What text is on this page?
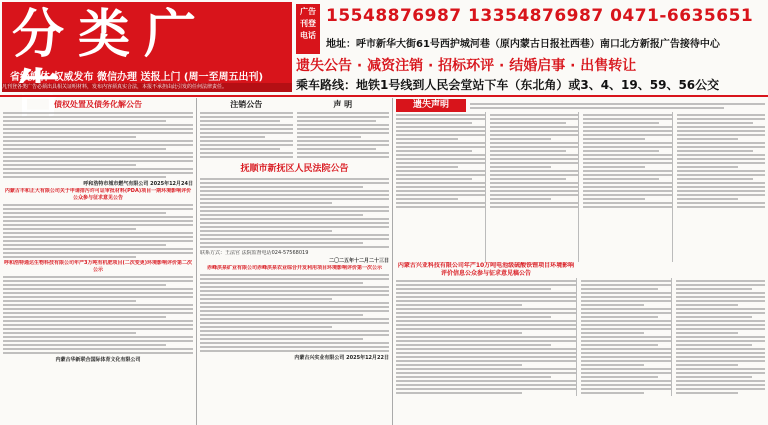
分类广
省级媒体 权威发布 微信办理 送报上门 (周一至周五出刊)
凡刊登各类广告必须出具相关证明材料，发布内容须真实合法，本报不承担由此引发的任何法律责任。
广告
刊登
电话
15548876987 13354876987 0471-6635651
地址：呼市新华大街61号西护城河巷（原内蒙古日报社西巷）南口北方新报广告接待中心
遗失公告 · 减资注销 · 招标环评 · 结婚启事 · 出售转让
乘车路线：地铁1号线到人民会堂站下车（东北角）或3、4、19、59、56公交
债权处置及债务化解公告
呼和浩特市城市燃气有限公司 2025年12月24日
内蒙古丰和正大有限公司关于申请排污许可证审批材料(PDA)项目一期环境影响评价公众参与征求意见公告
呼和浩特通达生物科技有限公司年产3万吨有机肥项目(二次变更)环境影响评价第二次公示
内蒙古华新联合国际体育文化有限公司
注销公告	声 明
抚顺市新抚区人民法院公告
联系方式：王法官 法院监督电话024-57568019
二〇二五年十二月二十三日
赤峰洪泉矿业有限公司赤峰洪泉农业综合开发利用项目环境影响评价第一次公示
内蒙古兴实业有限公司 2025年12月22日
遗失声明
内蒙古兴亚科技有限公司年产10万吨电池级硫酸铁锂项目环境影响评价信息公众参与征求意见稿公告
